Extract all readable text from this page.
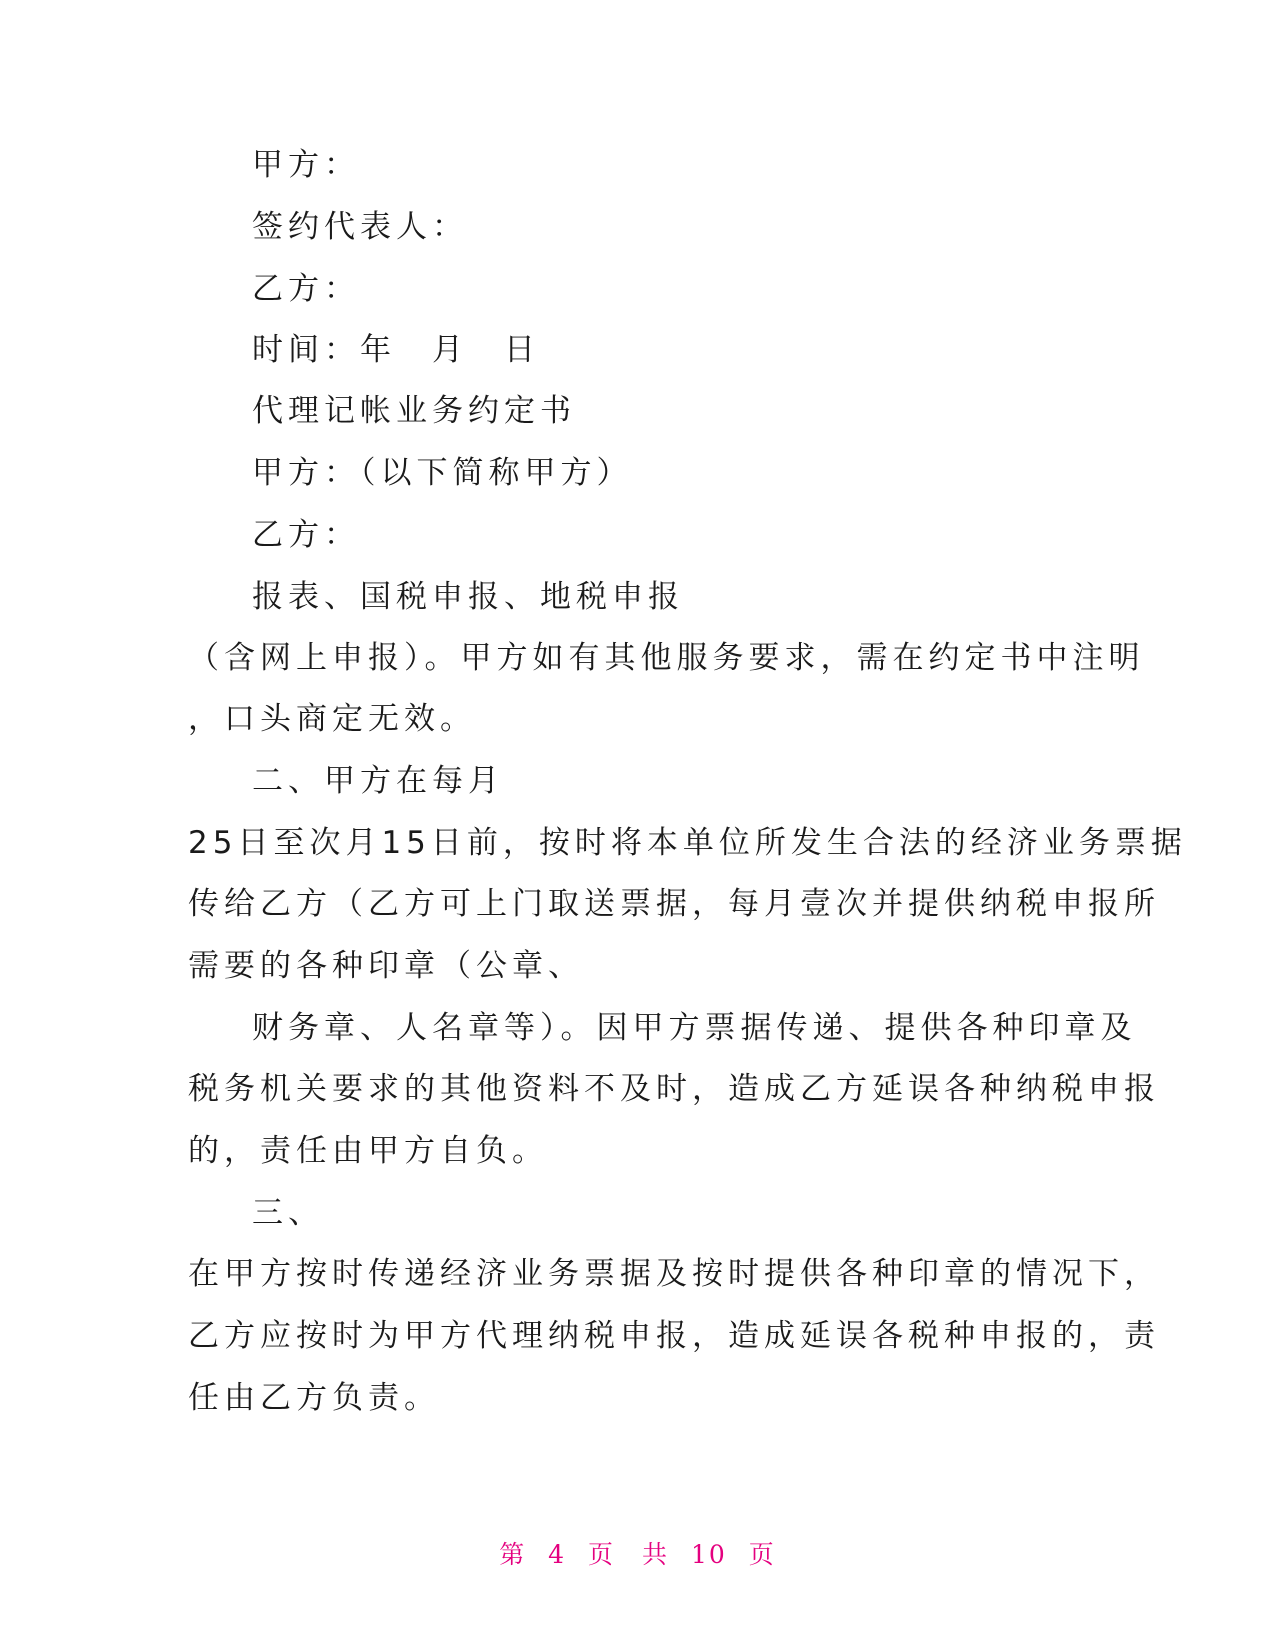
甲方：
签约代表人：
乙方：
时间：年　月　日
代理记帐业务约定书
甲方：（以下简称甲方）
乙方：
报表、国税申报、地税申报
（含网上申报）。甲方如有其他服务要求，需在约定书中注明
，口头商定无效。
二、甲方在每月
25日至次月15日前，按时将本单位所发生合法的经济业务票据
传给乙方（乙方可上门取送票据，每月壹次并提供纳税申报所
需要的各种印章（公章、
财务章、人名章等）。因甲方票据传递、提供各种印章及
税务机关要求的其他资料不及时，造成乙方延误各种纳税申报
的，责任由甲方自负。
三、
在甲方按时传递经济业务票据及按时提供各种印章的情况下，
乙方应按时为甲方代理纳税申报，造成延误各税种申报的，责
任由乙方负责。
第 4 页　共 10 页
